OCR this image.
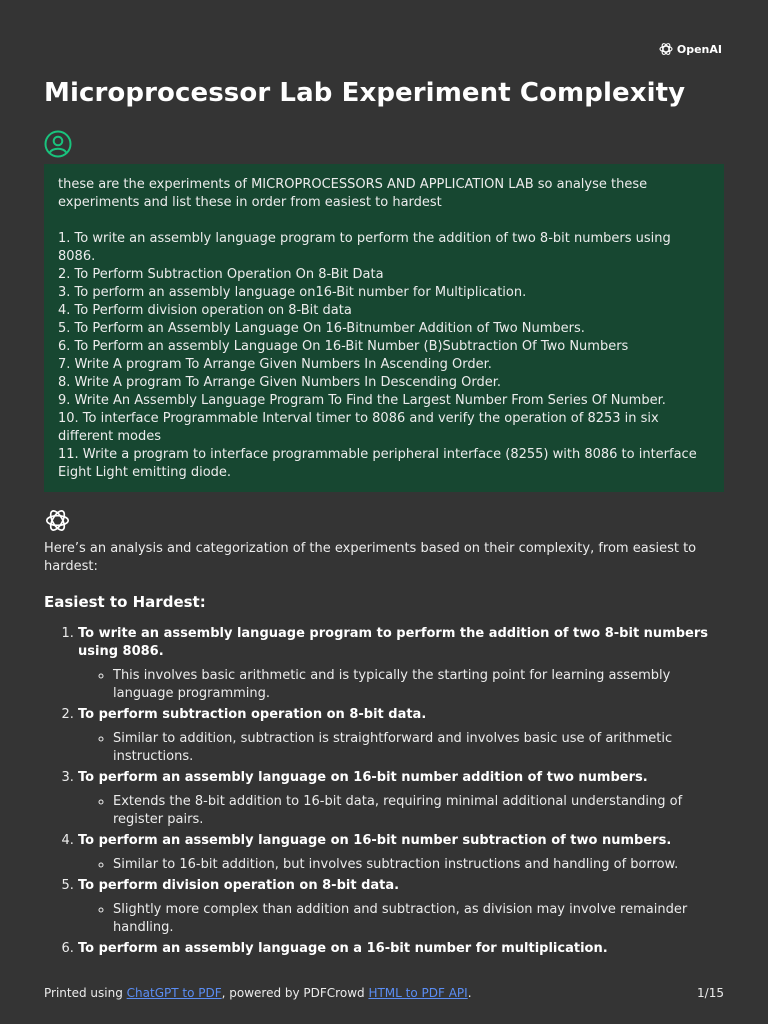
OpenAI
Microprocessor Lab Experiment Complexity

these are the experiments of MICROPROCESSORS AND APPLICATION LAB so analyse these experiments and list these in order from easiest to hardest

1. To write an assembly language program to perform the addition of two 8-bit numbers using 8086.

2. To Perform Subtraction Operation On 8-Bit Data

3. To perform an assembly language on16-Bit number for Multiplication.

4. To Perform division operation on 8-Bit data

5. To Perform an Assembly Language On 16-Bitnumber Addition of Two Numbers.

6. To Perform an assembly Language On 16-Bit Number (B)Subtraction Of Two Numbers

7. Write A program To Arrange Given Numbers In Ascending Order.

8. Write A program To Arrange Given Numbers In Descending Order.

9. Write An Assembly Language Program To Find the Largest Number From Series Of Number.

10. To interface Programmable Interval timer to 8086 and verify the operation of 8253 in six different modes

11. Write a program to interface programmable peripheral interface (8255) with 8086 to interface Eight Light emitting diode.

Here’s an analysis and categorization of the experiments based on their complexity, from easiest to hardest:

Easiest to Hardest:
1. To write an assembly language program to perform the addition of two 8-bit numbers using 8086.
◦ This involves basic arithmetic and is typically the starting point for learning assembly language programming.
2. To perform subtraction operation on 8-bit data.
◦ Similar to addition, subtraction is straightforward and involves basic use of arithmetic instructions.
3. To perform an assembly language on 16-bit number addition of two numbers.
◦ Extends the 8-bit addition to 16-bit data, requiring minimal additional understanding of register pairs.
4. To perform an assembly language on 16-bit number subtraction of two numbers.
◦ Similar to 16-bit addition, but involves subtraction instructions and handling of borrow.
5. To perform division operation on 8-bit data.
◦ Slightly more complex than addition and subtraction, as division may involve remainder handling.
6. To perform an assembly language on a 16-bit number for multiplication.
Printed using ChatGPT to PDF, powered by PDFCrowd HTML to PDF API.	1/15
